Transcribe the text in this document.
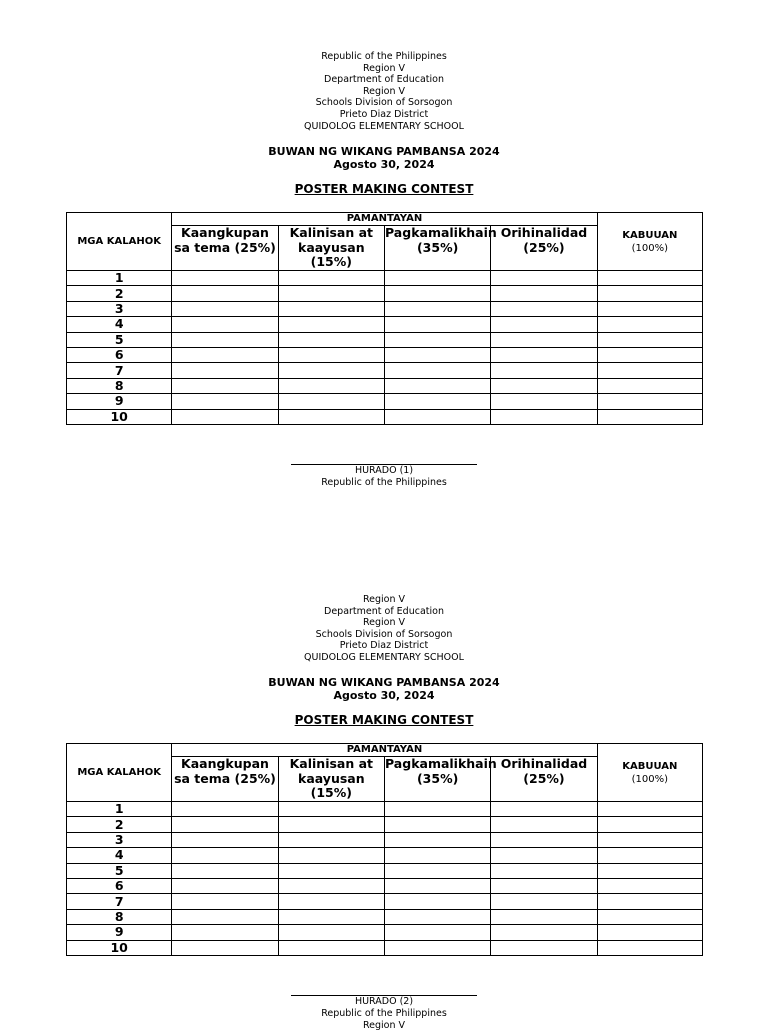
Republic of the Philippines
Region V
Department of Education
Region V
Schools Division of Sorsogon
Prieto Diaz District
QUIDOLOG ELEMENTARY SCHOOL
BUWAN NG WIKANG PAMBANSA 2024
Agosto 30, 2024
POSTER MAKING CONTEST
MGA KALAHOK	PAMANTAYAN				KABUUAN
(100%)

	Kaangkupan sa tema (25%)	Kalinisan at kaayusan (15%)	Pagkamalikhain (35%)	Orihinalidad (25%)	
1					
2					
3					
4					
5					
6					
7					
8					
9					
10					
HURADO (1)
Republic of the Philippines
Region V
Department of Education
Region V
Schools Division of Sorsogon
Prieto Diaz District
QUIDOLOG ELEMENTARY SCHOOL
BUWAN NG WIKANG PAMBANSA 2024
Agosto 30, 2024
POSTER MAKING CONTEST
MGA KALAHOK	PAMANTAYAN				KABUUAN
(100%)

	Kaangkupan sa tema (25%)	Kalinisan at kaayusan (15%)	Pagkamalikhain (35%)	Orihinalidad (25%)	
1					
2					
3					
4					
5					
6					
7					
8					
9					
10					
HURADO (2)
Republic of the Philippines
Region V
